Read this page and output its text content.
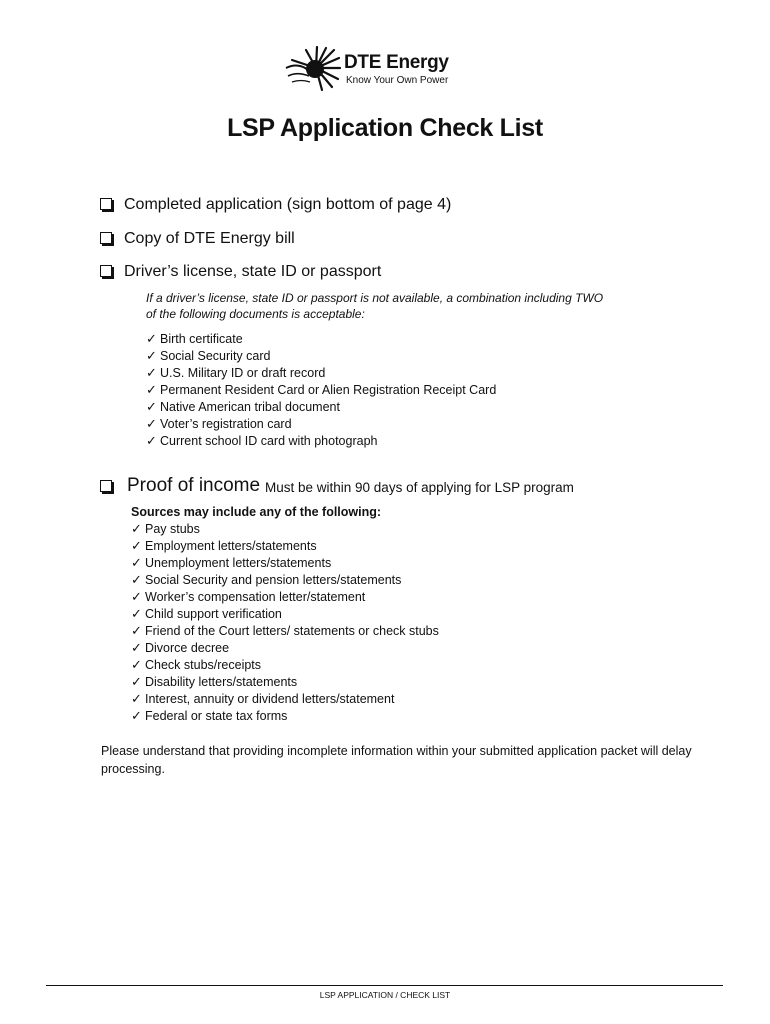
DTE Energy
Know Your Own Power
LSP Application Check List
Completed application (sign bottom of page 4)
Copy of DTE Energy bill
Driver’s license, state ID or passport
If a driver’s license, state ID or passport is not available, a combination including TWO of the following documents is acceptable:
✓ Birth certificate
✓ Social Security card
✓ U.S. Military ID or draft record
✓ Permanent Resident Card or Alien Registration Receipt Card
✓ Native American tribal document
✓ Voter’s registration card
✓ Current school ID card with photograph
Proof of income Must be within 90 days of applying for LSP program
Sources may include any of the following:
✓ Pay stubs
✓ Employment letters/statements
✓ Unemployment letters/statements
✓ Social Security and pension letters/statements
✓ Worker’s compensation letter/statement
✓ Child support verification
✓ Friend of the Court letters/ statements or check stubs
✓ Divorce decree
✓ Check stubs/receipts
✓ Disability letters/statements
✓ Interest, annuity or dividend letters/statement
✓ Federal or state tax forms
Please understand that providing incomplete information within your submitted application packet will delay processing.
LSP APPLICATION / CHECK LIST
